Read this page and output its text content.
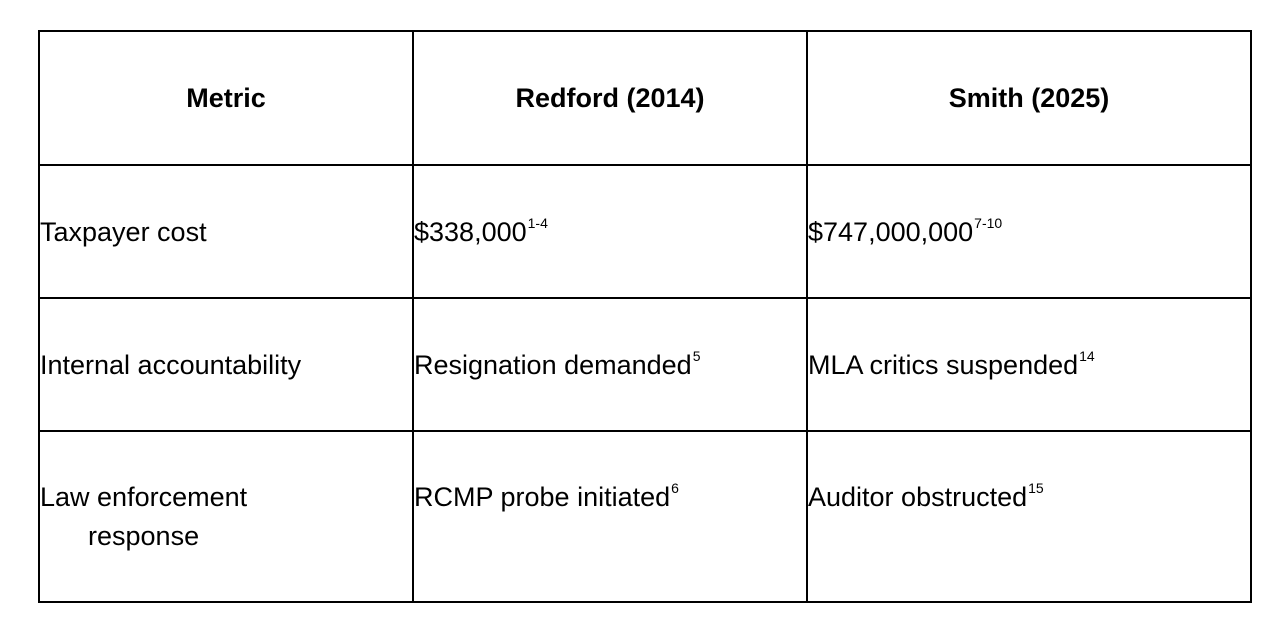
Metric	Redford (2014)	Smith (2025)
Taxpayer cost	$338,000$^{1-4}$	$747,000,000$^{7-10}$
Internal accountability	Resignation demanded$^5$	MLA critics suspended$^{14}$
Law enforcement
response	RCMP probe initiated$^6$	Auditor obstructed$^{15}$
